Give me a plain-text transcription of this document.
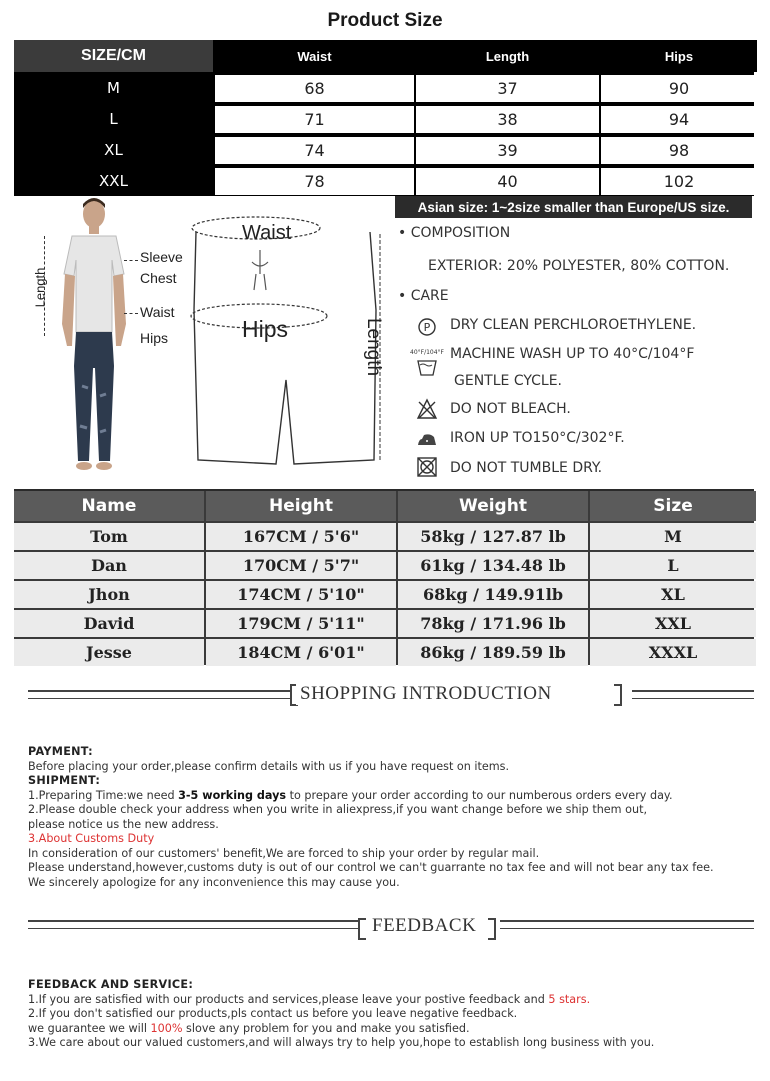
Product Size
SIZE/CM	Waist	Length	Hips
M	68	37	90
L	71	38	94
XL	74	39	98
XXL	78	40	102
Length
Sleeve
Chest
Waist
Hips
Waist
Hips	Length
Asian size: 1~2size smaller than Europe/US size.
• COMPOSITION
EXTERIOR: 20% POLYESTER, 80% COTTON.
• CARE
P DRY CLEAN PERCHLOROETHYLENE.
40°F/104°F MACHINE WASH UP TO 40°C/104°F
GENTLE CYCLE.
DO NOT BLEACH.
IRON UP TO150°C/302°F.
DO NOT TUMBLE DRY.
Name	Height	Weight	Size
Tom	167CM / 5'6"	58kg / 127.87 lb	M
Dan	170CM / 5'7"	61kg / 134.48 lb	L
Jhon	174CM / 5'10"	68kg / 149.91lb	XL
David	179CM / 5'11"	78kg / 171.96 lb	XXL
Jesse	184CM / 6'01"	86kg / 189.59 lb	XXXL
SHOPPING INTRODUCTION
PAYMENT:
Before placing your order,please confirm details with us if you have request on items.
SHIPMENT:
1.Preparing Time:we need 3-5 working days to prepare your order according to our numberous orders every day.
2.Please double check your address when you write in aliexpress,if you want change before we ship them out,
please notice us the new address.
3.About Customs Duty
In consideration of our customers' benefit,We are forced to ship your order by regular mail.
Please understand,however,customs duty is out of our control we can't guarrante no tax fee and will not bear any tax fee.
We sincerely apologize for any inconvenience this may cause you.
FEEDBACK
FEEDBACK AND SERVICE:
1.If you are satisfied with our products and services,please leave your postive feedback and 5 stars.
2.If you don't satisfied our products,pls contact us before you leave negative feedback.
we guarantee we will 100% slove any problem for you and make you satisfied.
3.We care about our valued customers,and will always try to help you,hope to establish long business with you.
